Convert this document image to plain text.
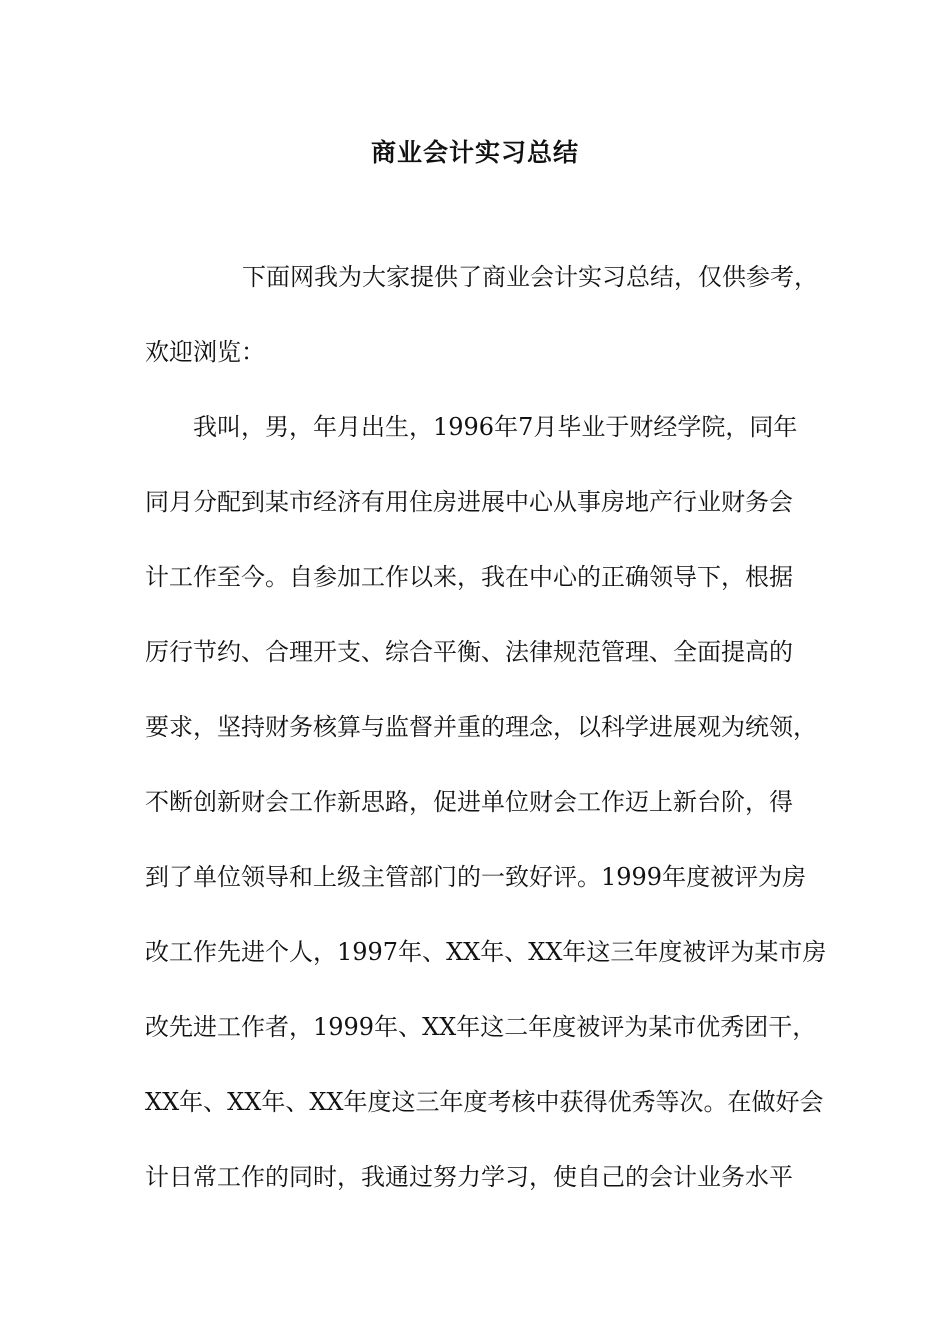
商业会计实习总结
下面网我为大家提供了商业会计实习总结，仅供参考，
欢迎浏览：
我叫，男，年月出生，1996年7月毕业于财经学院，同年
同月分配到某市经济有用住房进展中心从事房地产行业财务会
计工作至今。自参加工作以来，我在中心的正确领导下，根据
厉行节约、合理开支、综合平衡、法律规范管理、全面提高的
要求，坚持财务核算与监督并重的理念，以科学进展观为统领，
不断创新财会工作新思路，促进单位财会工作迈上新台阶，得
到了单位领导和上级主管部门的一致好评。1999年度被评为房
改工作先进个人，1997年、XX年、XX年这三年度被评为某市房
改先进工作者，1999年、XX年这二年度被评为某市优秀团干，
XX年、XX年、XX年度这三年度考核中获得优秀等次。在做好会
计日常工作的同时，我通过努力学习，使自己的会计业务水平
